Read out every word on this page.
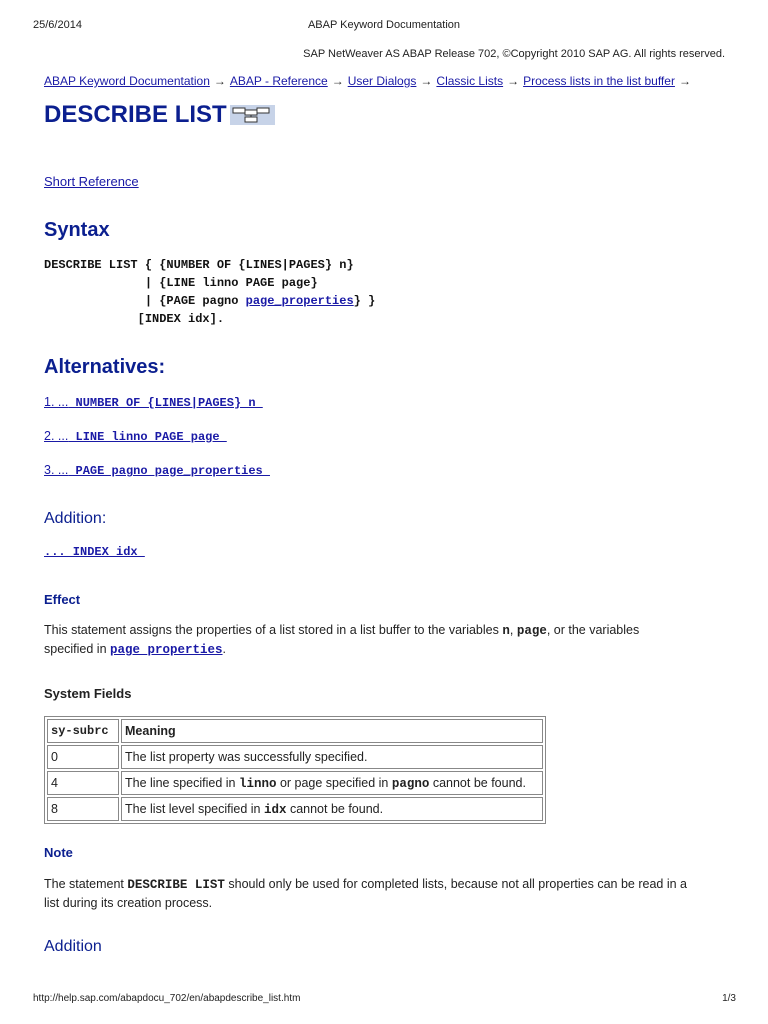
25/6/2014	ABAP Keyword Documentation
SAP NetWeaver AS ABAP Release 702, ©Copyright 2010 SAP AG. All rights reserved.
ABAP Keyword Documentation → ABAP - Reference → User Dialogs → Classic Lists → Process lists in the list buffer →
DESCRIBE LIST
Short Reference
Syntax
DESCRIBE LIST { {NUMBER OF {LINES|PAGES} n}
| {LINE linno PAGE page}
| {PAGE pagno page_properties} }
[INDEX idx].
Alternatives:
1. ... NUMBER OF {LINES|PAGES} n
2. ... LINE linno PAGE page
3. ... PAGE pagno page_properties
Addition:
... INDEX idx
Effect
This statement assigns the properties of a list stored in a list buffer to the variables n, page, or the variables
specified in page_properties.
System Fields
sy-subrc	Meaning
0	The list property was successfully specified.
4	The line specified in linno or page specified in pagno cannot be found.
8	The list level specified in idx cannot be found.
Note
The statement DESCRIBE LIST should only be used for completed lists, because not all properties can be read in a
list during its creation process.
Addition
http://help.sap.com/abapdocu_702/en/abapdescribe_list.htm	1/3
